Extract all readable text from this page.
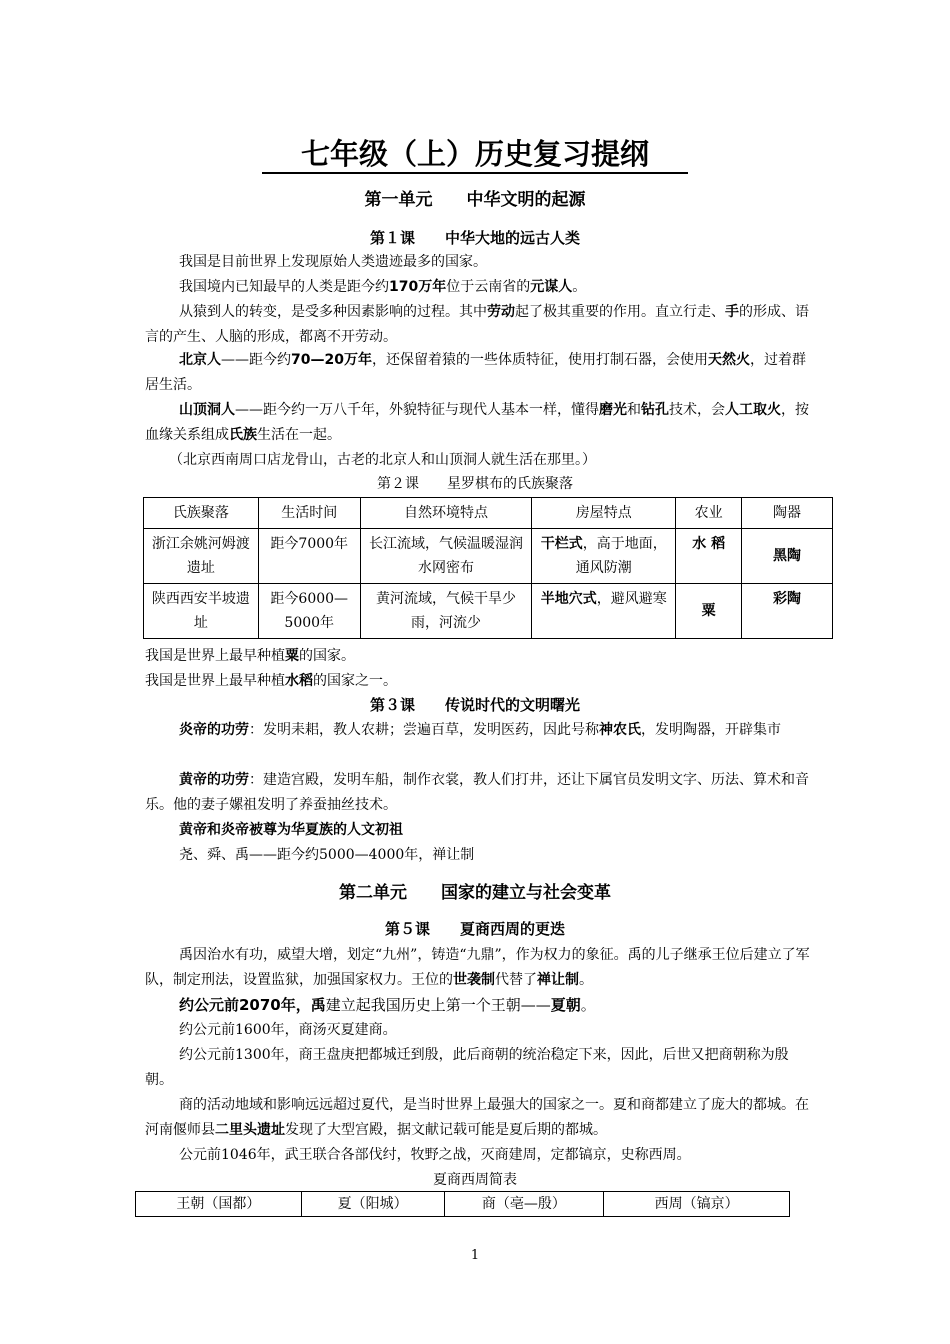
七年级（上）历史复习提纲
第一单元　　中华文明的起源
第１课　　中华大地的远古人类

我国是目前世界上发现原始人类遗迹最多的国家。

我国境内已知最早的人类是距今约170万年位于云南省的元谋人。

从猿到人的转变，是受多种因素影响的过程。其中劳动起了极其重要的作用。直立行走、手的形成、语言的产生、人脑的形成，都离不开劳动。

北京人——距今约70—20万年，还保留着猿的一些体质特征，使用打制石器，会使用天然火，过着群居生活。

山顶洞人——距今约一万八千年，外貌特征与现代人基本一样，懂得磨光和钻孔技术，会人工取火，按血缘关系组成氏族生活在一起。

（北京西南周口店龙骨山，古老的北京人和山顶洞人就生活在那里。）

第２课　　星罗棋布的氏族聚落
氏族聚落	生活时间	自然环境特点	房屋特点	农业	陶器
浙江余姚河姆渡遗址	距今7000年	长江流域，气候温暖湿润水网密布	干栏式，高于地面，通风防潮	水 稻	黑陶
陕西西安半坡遗址	距今6000—5000年	黄河流域，气候干旱少雨，河流少	半地穴式，避风避寒	粟	彩陶

我国是世界上最早种植粟的国家。

我国是世界上最早种植水稻的国家之一。

第３课　　传说时代的文明曙光

炎帝的功劳：发明耒耜，教人农耕；尝遍百草，发明医药，因此号称神农氏，发明陶器，开辟集市

黄帝的功劳：建造宫殿，发明车船，制作衣裳，教人们打井，还让下属官员发明文字、历法、算术和音乐。他的妻子嫘祖发明了养蚕抽丝技术。

黄帝和炎帝被尊为华夏族的人文初祖

尧、舜、禹——距今约5000—4000年，禅让制

第二单元　　国家的建立与社会变革
第５课　　夏商西周的更迭

禹因治水有功，威望大增，划定“九州”，铸造“九鼎”，作为权力的象征。禹的儿子继承王位后建立了军队，制定刑法，设置监狱，加强国家权力。王位的世袭制代替了禅让制。

约公元前2070年，禹建立起我国历史上第一个王朝——夏朝。

约公元前1600年，商汤灭夏建商。

约公元前1300年，商王盘庚把都城迁到殷，此后商朝的统治稳定下来，因此，后世又把商朝称为殷朝。

商的活动地域和影响远远超过夏代，是当时世界上最强大的国家之一。夏和商都建立了庞大的都城。在河南偃师县二里头遗址发现了大型宫殿，据文献记载可能是夏后期的都城。

公元前1046年，武王联合各部伐纣，牧野之战，灭商建周，定都镐京，史称西周。

夏商西周简表
王朝（国都）	夏（阳城）	商（亳—殷）	西周（镐京）
1
